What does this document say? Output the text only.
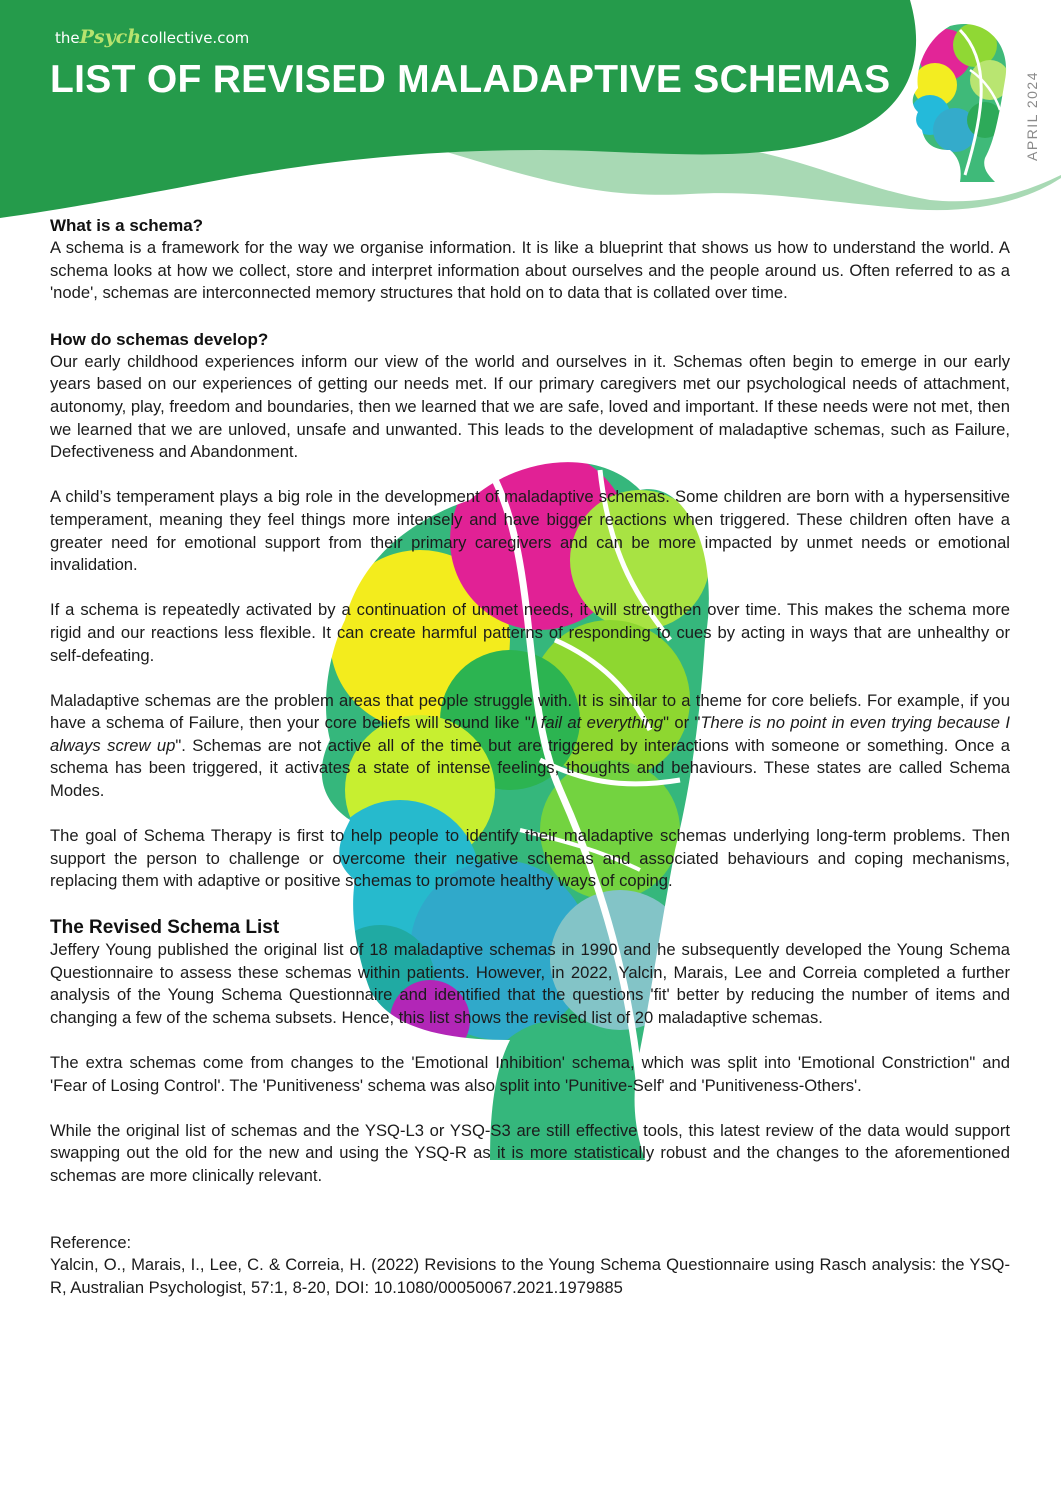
thePsychcollective.com
LIST OF REVISED MALADAPTIVE SCHEMAS	APRIL 2024
What is a schema?

A schema is a framework for the way we organise information. It is like a blueprint that shows us how to understand the world. A schema looks at how we collect, store and interpret information about ourselves and the people around us. Often referred to as a 'node', schemas are interconnected memory structures that hold on to data that is collated over time.

How do schemas develop?

Our early childhood experiences inform our view of the world and ourselves in it. Schemas often begin to emerge in our early years based on our experiences of getting our needs met. If our primary caregivers met our psychological needs of attachment, autonomy, play, freedom and boundaries, then we learned that we are safe, loved and important. If these needs were not met, then we learned that we are unloved, unsafe and unwanted. This leads to the development of maladaptive schemas, such as Failure, Defectiveness and Abandonment.

A child’s temperament plays a big role in the development of maladaptive schemas. Some children are born with a hypersensitive temperament, meaning they feel things more intensely and have bigger reactions when triggered. These children often have a greater need for emotional support from their primary caregivers and can be more impacted by unmet needs or emotional invalidation.

If a schema is repeatedly activated by a continuation of unmet needs, it will strengthen over time. This makes the schema more rigid and our reactions less flexible. It can create harmful patterns of responding to cues by acting in ways that are unhealthy or self-defeating.

Maladaptive schemas are the problem areas that people struggle with. It is similar to a theme for core beliefs. For example, if you have a schema of Failure, then your core beliefs will sound like "I fail at everything" or "There is no point in even trying because I always screw up". Schemas are not active all of the time but are triggered by interactions with someone or something. Once a schema has been triggered, it activates a state of intense feelings, thoughts and behaviours. These states are called Schema Modes.

The goal of Schema Therapy is first to help people to identify their maladaptive schemas underlying long-term problems. Then support the person to challenge or overcome their negative schemas and associated behaviours and coping mechanisms, replacing them with adaptive or positive schemas to promote healthy ways of coping.

The Revised Schema List

Jeffery Young published the original list of 18 maladaptive schemas in 1990 and he subsequently developed the Young Schema Questionnaire to assess these schemas within patients. However, in 2022, Yalcin, Marais, Lee and Correia completed a further analysis of the Young Schema Questionnaire and identified that the questions 'fit' better by reducing the number of items and changing a few of the schema subsets. Hence, this list shows the revised list of 20 maladaptive schemas.

The extra schemas come from changes to the 'Emotional Inhibition' schema, which was split into 'Emotional Constriction" and 'Fear of Losing Control'. The 'Punitiveness' schema was also split into 'Punitive-Self' and 'Punitiveness-Others'.

While the original list of schemas and the YSQ-L3 or YSQ-S3 are still effective tools, this latest review of the data would support swapping out the old for the new and using the YSQ-R as it is more statistically robust and the changes to the aforementioned schemas are more clinically relevant.

Reference:

Yalcin, O., Marais, I., Lee, C. & Correia, H. (2022) Revisions to the Young Schema Questionnaire using Rasch analysis: the YSQ-R, Australian Psychologist, 57:1, 8-20, DOI: 10.1080/00050067.2021.1979885
